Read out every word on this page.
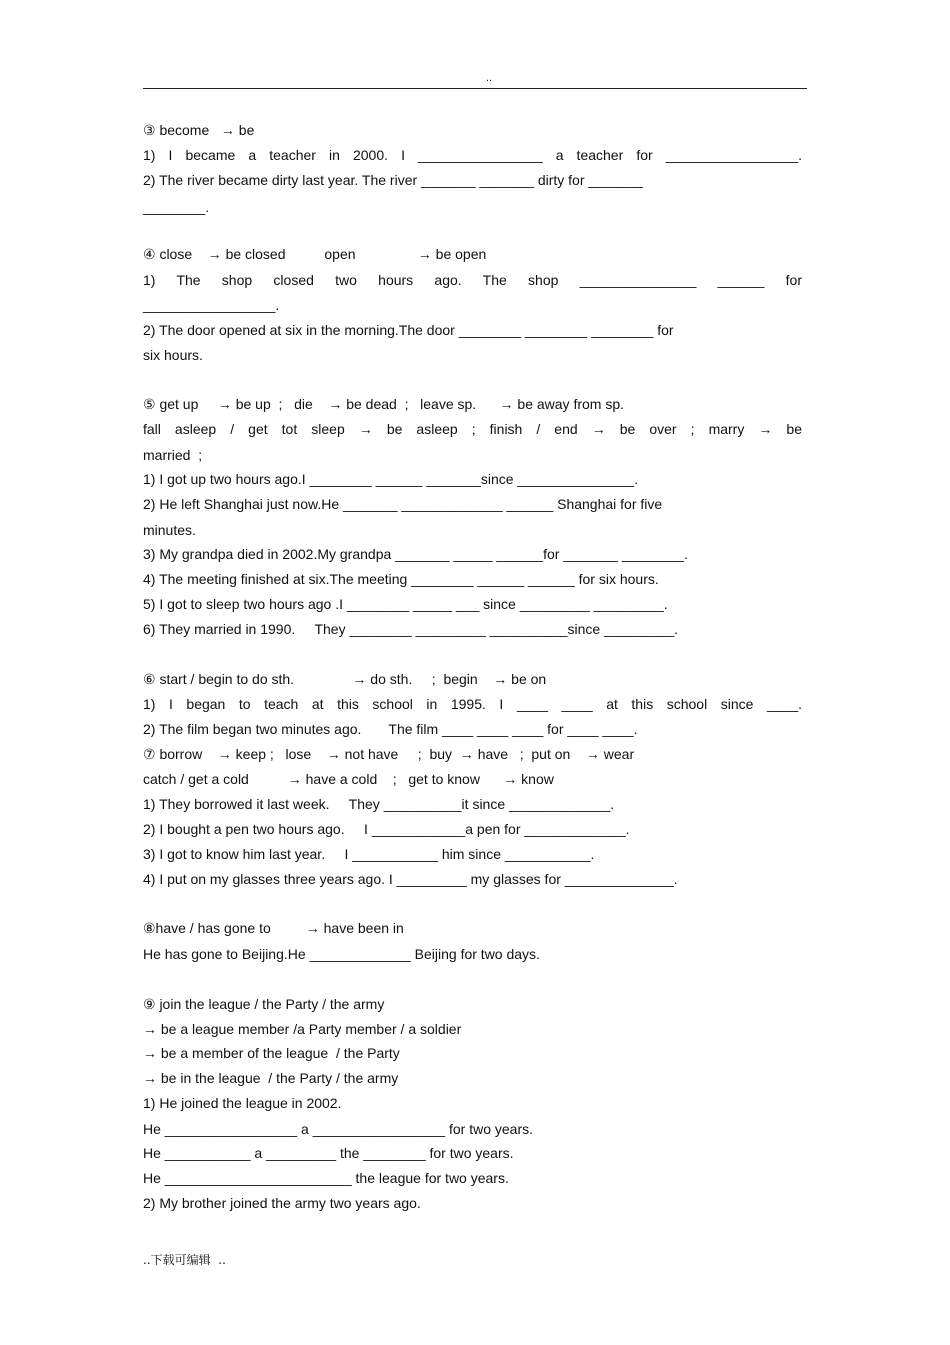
..
③ become   → be
1) I became a teacher in 2000. I ________________ a teacher for _________________.
2) The river became dirty last year. The river _______ _______ dirty for _______
________.
④ close    → be closed          open                → be open
1) The shop closed two hours ago. The shop _______________ ______ for
_________________.
2) The door opened at six in the morning.The door ________ ________ ________ for
six hours.
⑤ get up     → be up  ;   die    → be dead  ;   leave sp.      → be away from sp.
fall asleep / get tot sleep → be asleep ; finish / end → be over ; marry → be
married  ;
1) I got up two hours ago.I ________ ______ _______since _______________.
2) He left Shanghai just now.He _______ _____________ ______ Shanghai for five
minutes.
3) My grandpa died in 2002.My grandpa _______ _____ ______for _______ ________.
4) The meeting finished at six.The meeting ________ ______ ______ for six hours.
5) I got to sleep two hours ago .I ________ _____ ___ since _________ _________.
6) They married in 1990.     They ________ _________ __________since _________.
⑥ start / begin to do sth.               → do sth.     ;  begin    → be on
1) I began to teach at this school in 1995. I ____ ____ at this school since ____.
2) The film began two minutes ago.       The film ____ ____ ____ for ____ ____.
⑦ borrow    → keep ;   lose    → not have     ;  buy  → have   ;  put on    → wear
catch / get a cold          → have a cold    ;   get to know      → know
1) They borrowed it last week.     They __________it since _____________.
2) I bought a pen two hours ago.     I ____________a pen for _____________.
3) I got to know him last year.     I ___________ him since ___________.
4) I put on my glasses three years ago. I _________ my glasses for ______________.
⑧have / has gone to         → have been in
He has gone to Beijing.He _____________ Beijing for two days.
⑨ join the league / the Party / the army
→ be a league member /a Party member / a soldier
→ be a member of the league  / the Party
→ be in the league  / the Party / the army
1) He joined the league in 2002.
He _________________ a _________________ for two years.
He ___________ a _________ the ________ for two years.
He ________________________ the league for two years.
2) My brother joined the army two years ago.
..下载可编辑  ..
